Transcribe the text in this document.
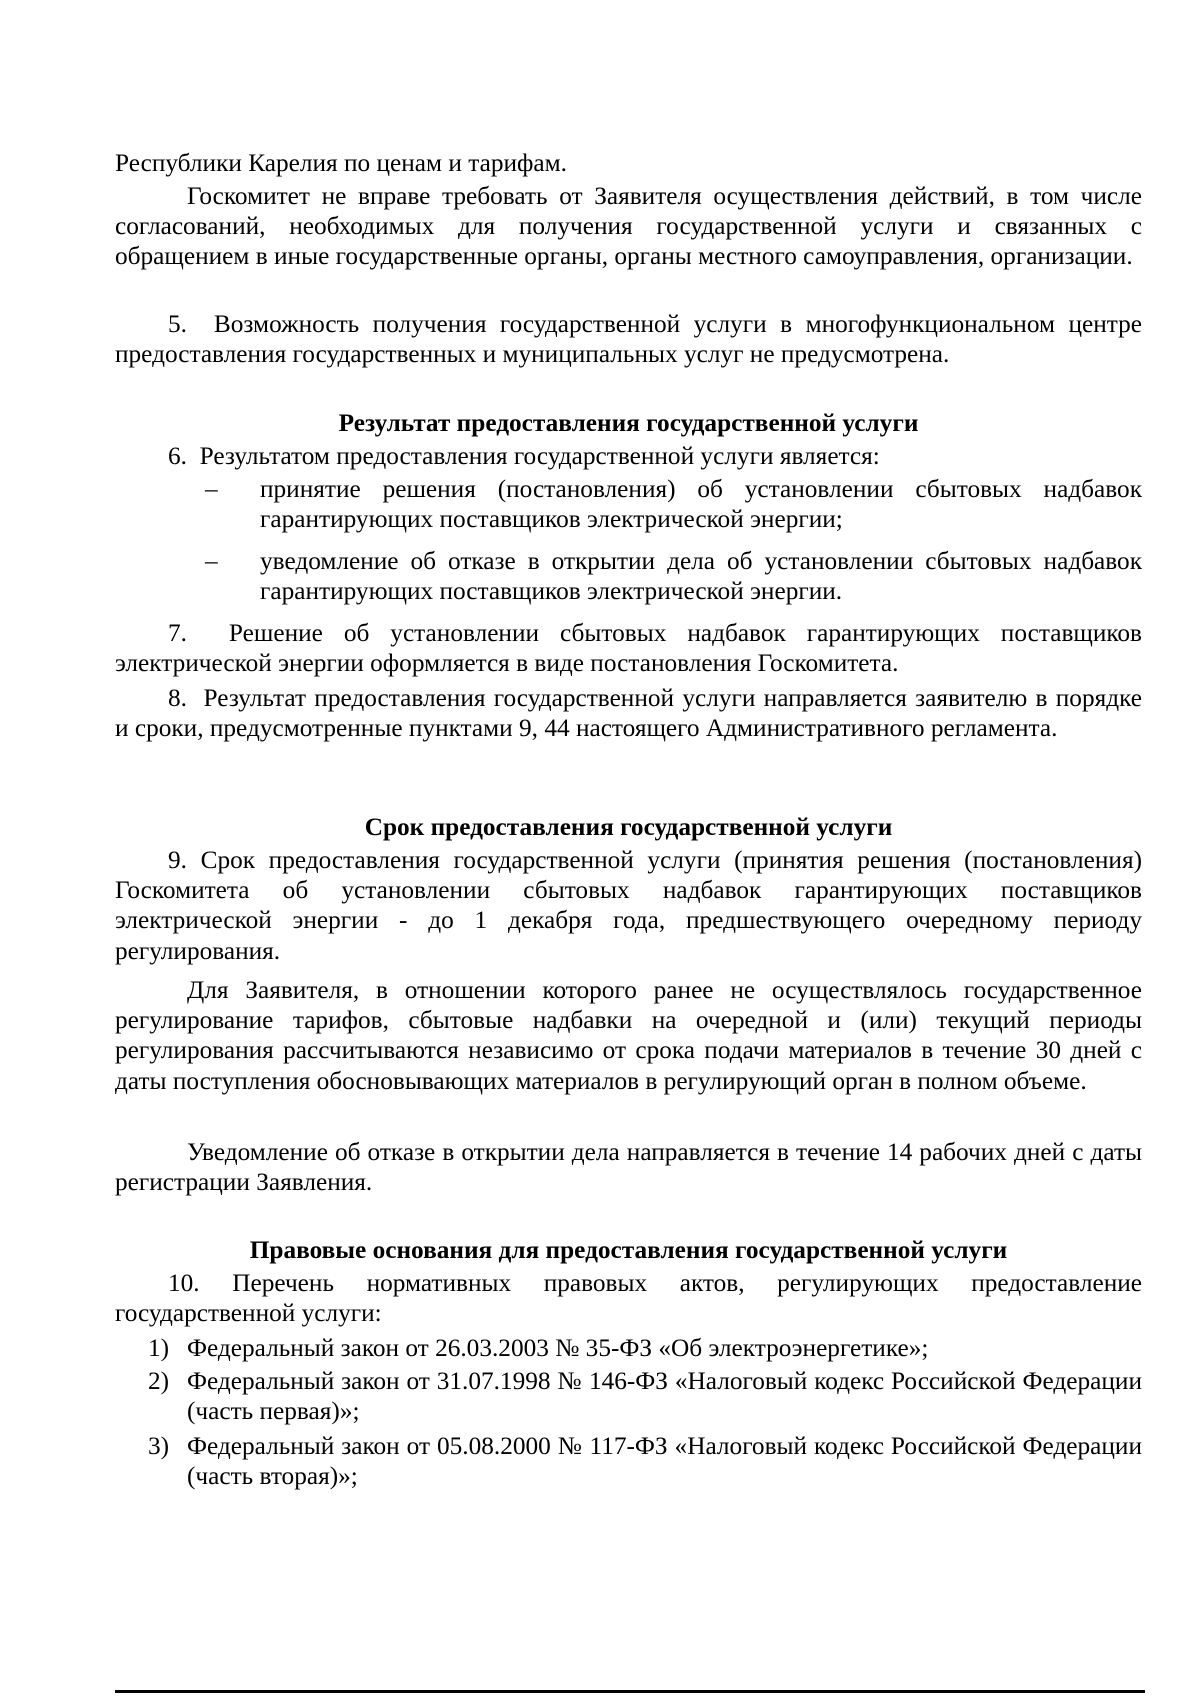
Республики Карелия по ценам и тарифам.
Госкомитет не вправе требовать от Заявителя осуществления действий, в том числе согласований, необходимых для получения государственной услуги и связанных с обращением в иные государственные органы, органы местного самоуправления, организации.
5. Возможность получения государственной услуги в многофункциональном центре предоставления государственных и муниципальных услуг не предусмотрена.
Результат предоставления государственной услуги
6. Результатом предоставления государственной услуги является:
– принятие решения (постановления) об установлении сбытовых надбавок гарантирующих поставщиков электрической энергии;
– уведомление об отказе в открытии дела об установлении сбытовых надбавок гарантирующих поставщиков электрической энергии.
7. Решение об установлении сбытовых надбавок гарантирующих поставщиков электрической энергии оформляется в виде постановления Госкомитета.
8. Результат предоставления государственной услуги направляется заявителю в порядке и сроки, предусмотренные пунктами 9, 44 настоящего Административного регламента.
Срок предоставления государственной услуги
9. Срок предоставления государственной услуги (принятия решения (постановления) Госкомитета об установлении сбытовых надбавок гарантирующих поставщиков электрической энергии - до 1 декабря года, предшествующего очередному периоду регулирования.
Для Заявителя, в отношении которого ранее не осуществлялось государственное регулирование тарифов, сбытовые надбавки на очередной и (или) текущий периоды регулирования рассчитываются независимо от срока подачи материалов в течение 30 дней с даты поступления обосновывающих материалов в регулирующий орган в полном объеме.
Уведомление об отказе в открытии дела направляется в течение 14 рабочих дней с даты регистрации Заявления.
Правовые основания для предоставления государственной услуги
10. Перечень нормативных правовых актов, регулирующих предоставление государственной услуги:
1) Федеральный закон от 26.03.2003 № 35-ФЗ «Об электроэнергетике»;
2) Федеральный закон от 31.07.1998 № 146-ФЗ «Налоговый кодекс Российской Федерации (часть первая)»;
3) Федеральный закон от 05.08.2000 № 117-ФЗ «Налоговый кодекс Российской Федерации (часть вторая)»;
